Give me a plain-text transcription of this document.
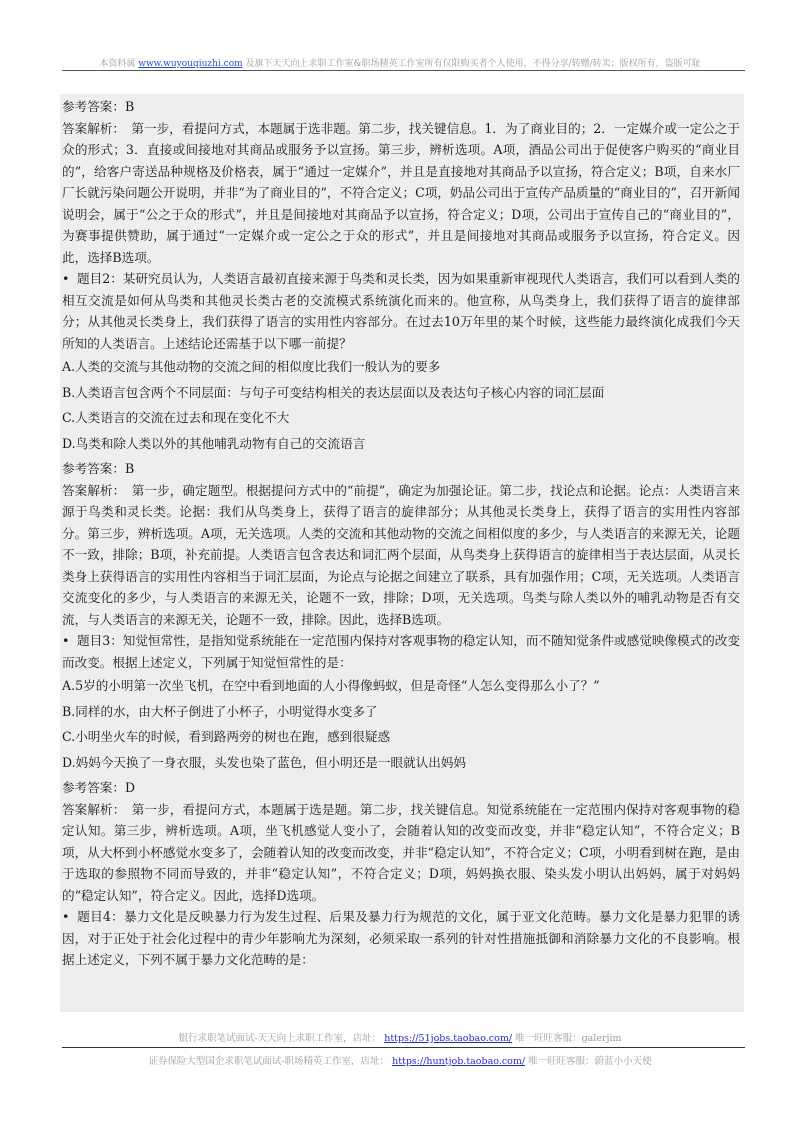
本资料属 www.wuyouqiuzhi.com 及旗下天天向上求职工作室&职场精英工作室所有仅限购买者个人使用，不得分享/转赠/转卖；版权所有，盗版可耻

参考答案：B

答案解析：　第一步，看提问方式，本题属于选非题。第二步，找关键信息。1．为了商业目的；2．一定媒介或一定公之于众的形式；3．直接或间接地对其商品或服务予以宣扬。第三步，辨析选项。A项，酒品公司出于促使客户购买的“商业目的”，给客户寄送品种规格及价格表，属于“通过一定媒介”，并且是直接地对其商品予以宣扬，符合定义；B项，自来水厂厂长就污染问题公开说明，并非“为了商业目的”，不符合定义；C项，奶品公司出于宣传产品质量的“商业目的”，召开新闻说明会，属于“公之于众的形式”，并且是间接地对其商品予以宣扬，符合定义；D项，公司出于宣传自己的“商业目的”，为赛事提供赞助，属于通过“一定媒介或一定公之于众的形式”，并且是间接地对其商品或服务予以宣扬，符合定义。因此，选择B选项。

• 题目2：某研究员认为，人类语言最初直接来源于鸟类和灵长类，因为如果重新审视现代人类语言，我们可以看到人类的相互交流是如何从鸟类和其他灵长类古老的交流模式系统演化而来的。他宣称，从鸟类身上，我们获得了语言的旋律部分；从其他灵长类身上，我们获得了语言的实用性内容部分。在过去10万年里的某个时候，这些能力最终演化成我们今天所知的人类语言。上述结论还需基于以下哪一前提？

A.人类的交流与其他动物的交流之间的相似度比我们一般认为的要多

B.人类语言包含两个不同层面：与句子可变结构相关的表达层面以及表达句子核心内容的词汇层面

C.人类语言的交流在过去和现在变化不大

D.鸟类和除人类以外的其他哺乳动物有自己的交流语言

参考答案：B

答案解析：　第一步，确定题型。根据提问方式中的“前提”，确定为加强论证。第二步，找论点和论据。论点：人类语言来源于鸟类和灵长类。论据：我们从鸟类身上，获得了语言的旋律部分；从其他灵长类身上，获得了语言的实用性内容部分。第三步，辨析选项。A项，无关选项。人类的交流和其他动物的交流之间相似度的多少，与人类语言的来源无关，论题不一致，排除；B项，补充前提。人类语言包含表达和词汇两个层面，从鸟类身上获得语言的旋律相当于表达层面，从灵长类身上获得语言的实用性内容相当于词汇层面，为论点与论据之间建立了联系，具有加强作用；C项，无关选项。人类语言交流变化的多少，与人类语言的来源无关，论题不一致，排除；D项，无关选项。鸟类与除人类以外的哺乳动物是否有交流，与人类语言的来源无关，论题不一致，排除。因此，选择B选项。

• 题目3：知觉恒常性，是指知觉系统能在一定范围内保持对客观事物的稳定认知，而不随知觉条件或感觉映像模式的改变而改变。根据上述定义，下列属于知觉恒常性的是：

A.5岁的小明第一次坐飞机，在空中看到地面的人小得像蚂蚁，但是奇怪“人怎么变得那么小了？”

B.同样的水，由大杯子倒进了小杯子，小明觉得水变多了

C.小明坐火车的时候，看到路两旁的树也在跑，感到很疑惑

D.妈妈今天换了一身衣服，头发也染了蓝色，但小明还是一眼就认出妈妈

参考答案：D

答案解析：　第一步，看提问方式，本题属于选是题。第二步，找关键信息。知觉系统能在一定范围内保持对客观事物的稳定认知。第三步，辨析选项。A项，坐飞机感觉人变小了，会随着认知的改变而改变，并非“稳定认知”，不符合定义；B项，从大杯到小杯感觉水变多了，会随着认知的改变而改变，并非“稳定认知”，不符合定义；C项，小明看到树在跑，是由于选取的参照物不同而导致的，并非“稳定认知”，不符合定义；D项，妈妈换衣服、染头发小明认出妈妈，属于对妈妈的“稳定认知”，符合定义。因此，选择D选项。

• 题目4：暴力文化是反映暴力行为发生过程、后果及暴力行为规范的文化，属于亚文化范畴。暴力文化是暴力犯罪的诱因，对于正处于社会化过程中的青少年影响尤为深刻，必须采取一系列的针对性措施抵御和消除暴力文化的不良影响。根据上述定义，下列不属于暴力文化范畴的是：

银行求职笔试面试-天天向上求职工作室，店址： https://51jobs.taobao.com/ 唯一旺旺客服：galerjim
证券保险大型国企求职笔试面试-职场精英工作室，店址： https://huntjob.taobao.com/ 唯一旺旺客服：蔚蓝小小天使
